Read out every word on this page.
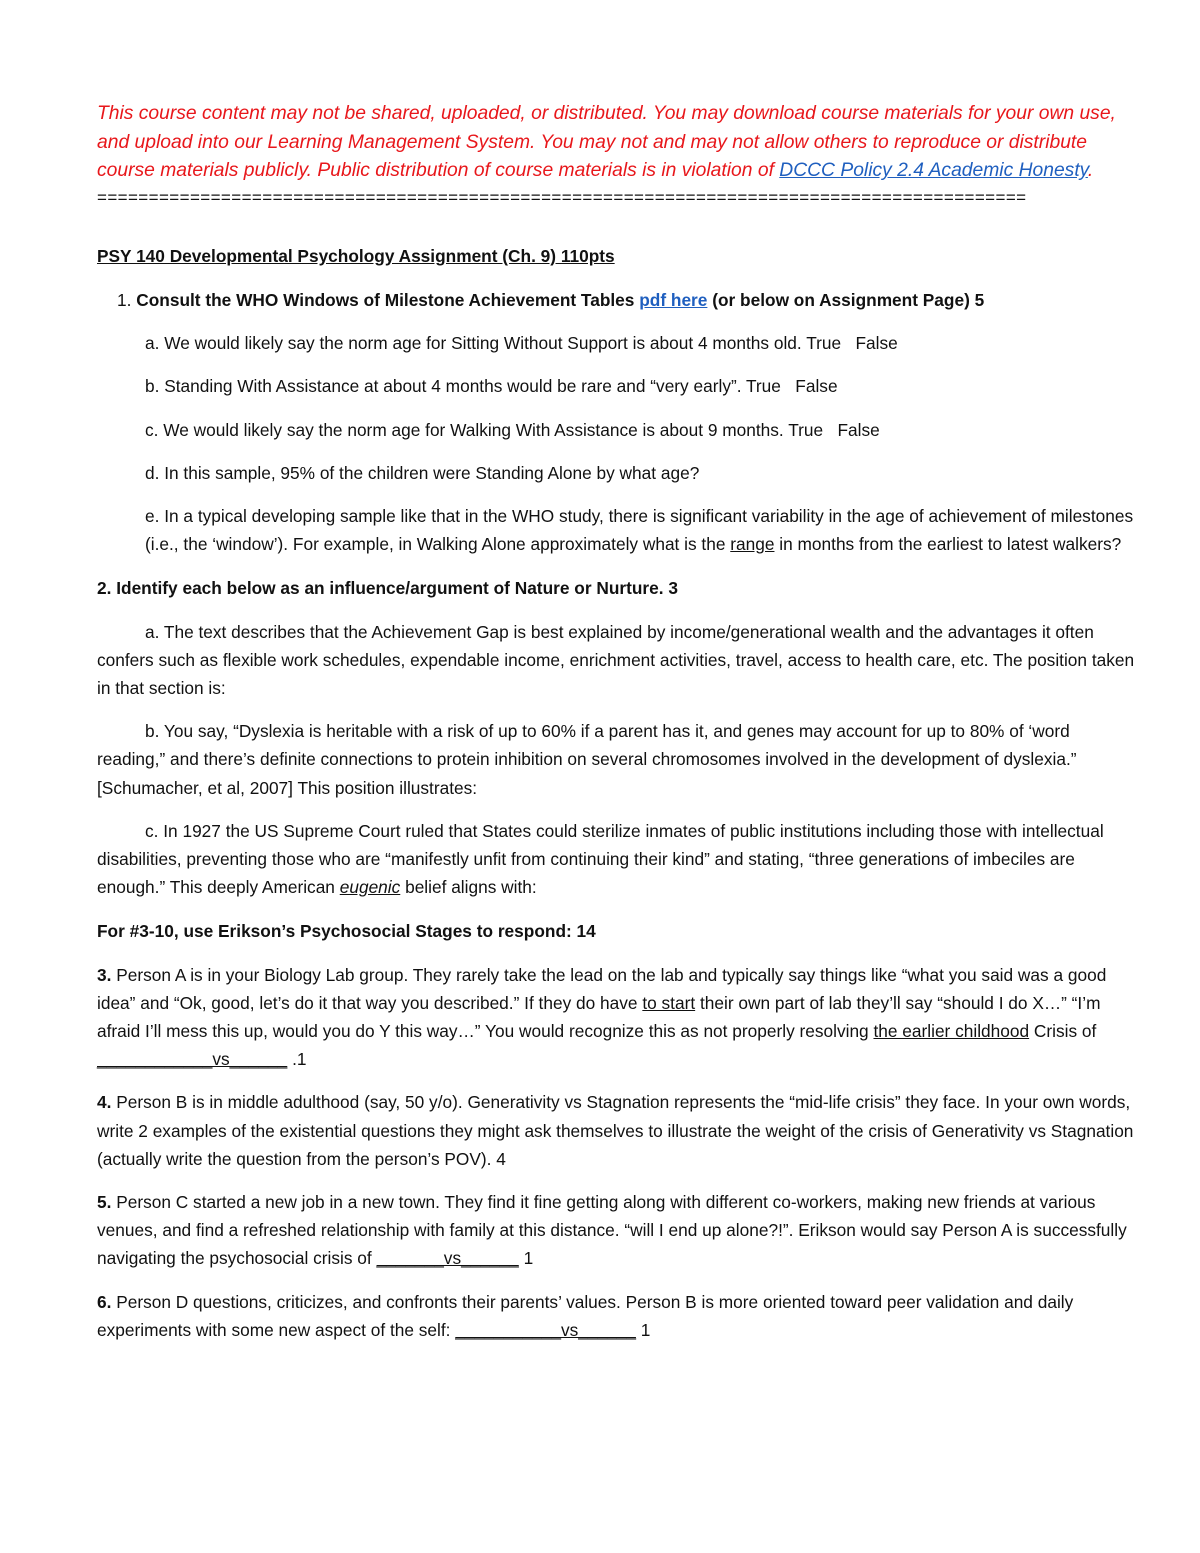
This course content may not be shared, uploaded, or distributed. You may download course materials for your own use, and upload into our Learning Management System. You may not and may not allow others to reproduce or distribute course materials publicly. Public distribution of course materials is in violation of DCCC Policy 2.4 Academic Honesty.

==========================================================================================

PSY 140 Developmental Psychology Assignment (Ch. 9) 110pts

1. Consult the WHO Windows of Milestone Achievement Tables pdf here (or below on Assignment Page) 5

a. We would likely say the norm age for Sitting Without Support is about 4 months old. True   False

b. Standing With Assistance at about 4 months would be rare and “very early”. True   False

c. We would likely say the norm age for Walking With Assistance is about 9 months. True   False

d. In this sample, 95% of the children were Standing Alone by what age?

e. In a typical developing sample like that in the WHO study, there is significant variability in the age of achievement of milestones (i.e., the ‘window’). For example, in Walking Alone approximately what is the range in months from the earliest to latest walkers?

2. Identify each below as an influence/argument of Nature or Nurture. 3

a. The text describes that the Achievement Gap is best explained by income/generational wealth and the advantages it often confers such as flexible work schedules, expendable income, enrichment activities, travel, access to health care, etc. The position taken in that section is:

b. You say, “Dyslexia is heritable with a risk of up to 60% if a parent has it, and genes may account for up to 80% of ‘word reading,” and there’s definite connections to protein inhibition on several chromosomes involved in the development of dyslexia.” [Schumacher, et al, 2007] This position illustrates:

c. In 1927 the US Supreme Court ruled that States could sterilize inmates of public institutions including those with intellectual disabilities, preventing those who are “manifestly unfit from continuing their kind” and stating, “three generations of imbeciles are enough.” This deeply American eugenic belief aligns with:

For #3-10, use Erikson’s Psychosocial Stages to respond: 14

3. Person A is in your Biology Lab group. They rarely take the lead on the lab and typically say things like “what you said was a good idea” and “Ok, good, let’s do it that way you described.” If they do have to start their own part of lab they’ll say “should I do X…” “I’m afraid I’ll mess this up, would you do Y this way…” You would recognize this as not properly resolving the earlier childhood Crisis of ____________vs______ .1

4. Person B is in middle adulthood (say, 50 y/o). Generativity vs Stagnation represents the “mid-life crisis” they face. In your own words, write 2 examples of the existential questions they might ask themselves to illustrate the weight of the crisis of Generativity vs Stagnation (actually write the question from the person’s POV). 4

5. Person C started a new job in a new town. They find it fine getting along with different co-workers, making new friends at various venues, and find a refreshed relationship with family at this distance. “will I end up alone?!”. Erikson would say Person A is successfully navigating the psychosocial crisis of _______vs______ 1

6. Person D questions, criticizes, and confronts their parents’ values. Person B is more oriented toward peer validation and daily experiments with some new aspect of the self: ___________vs______ 1
